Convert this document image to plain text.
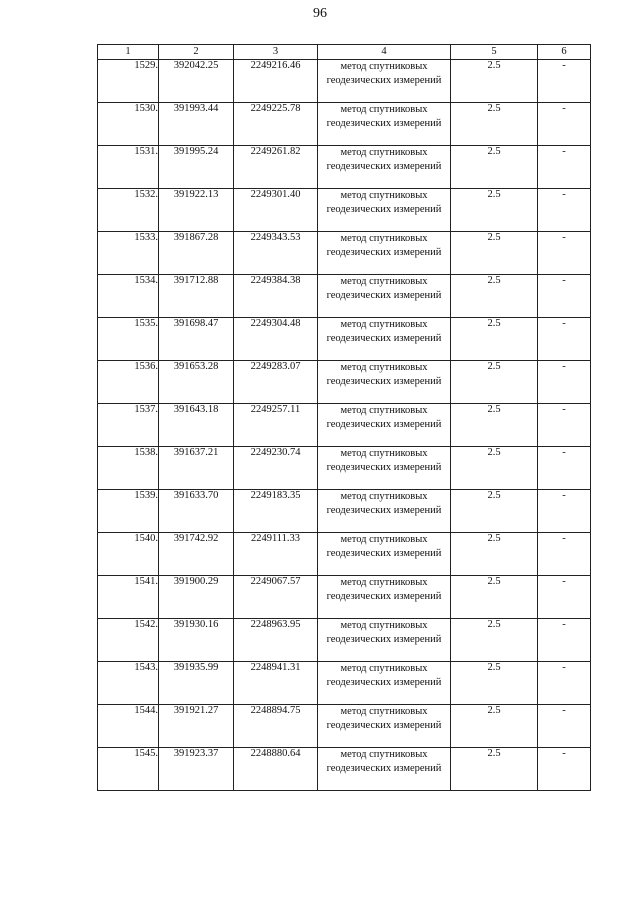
96
1	2	3	4	5	6
1529.	392042.25	2249216.46	метод спутниковых геодезических измерений	2.5	-
1530.	391993.44	2249225.78	метод спутниковых геодезических измерений	2.5	-
1531.	391995.24	2249261.82	метод спутниковых геодезических измерений	2.5	-
1532.	391922.13	2249301.40	метод спутниковых геодезических измерений	2.5	-
1533.	391867.28	2249343.53	метод спутниковых геодезических измерений	2.5	-
1534.	391712.88	2249384.38	метод спутниковых геодезических измерений	2.5	-
1535.	391698.47	2249304.48	метод спутниковых геодезических измерений	2.5	-
1536.	391653.28	2249283.07	метод спутниковых геодезических измерений	2.5	-
1537.	391643.18	2249257.11	метод спутниковых геодезических измерений	2.5	-
1538.	391637.21	2249230.74	метод спутниковых геодезических измерений	2.5	-
1539.	391633.70	2249183.35	метод спутниковых геодезических измерений	2.5	-
1540.	391742.92	2249111.33	метод спутниковых геодезических измерений	2.5	-
1541.	391900.29	2249067.57	метод спутниковых геодезических измерений	2.5	-
1542.	391930.16	2248963.95	метод спутниковых геодезических измерений	2.5	-
1543.	391935.99	2248941.31	метод спутниковых геодезических измерений	2.5	-
1544.	391921.27	2248894.75	метод спутниковых геодезических измерений	2.5	-
1545.	391923.37	2248880.64	метод спутниковых геодезических измерений	2.5	-
